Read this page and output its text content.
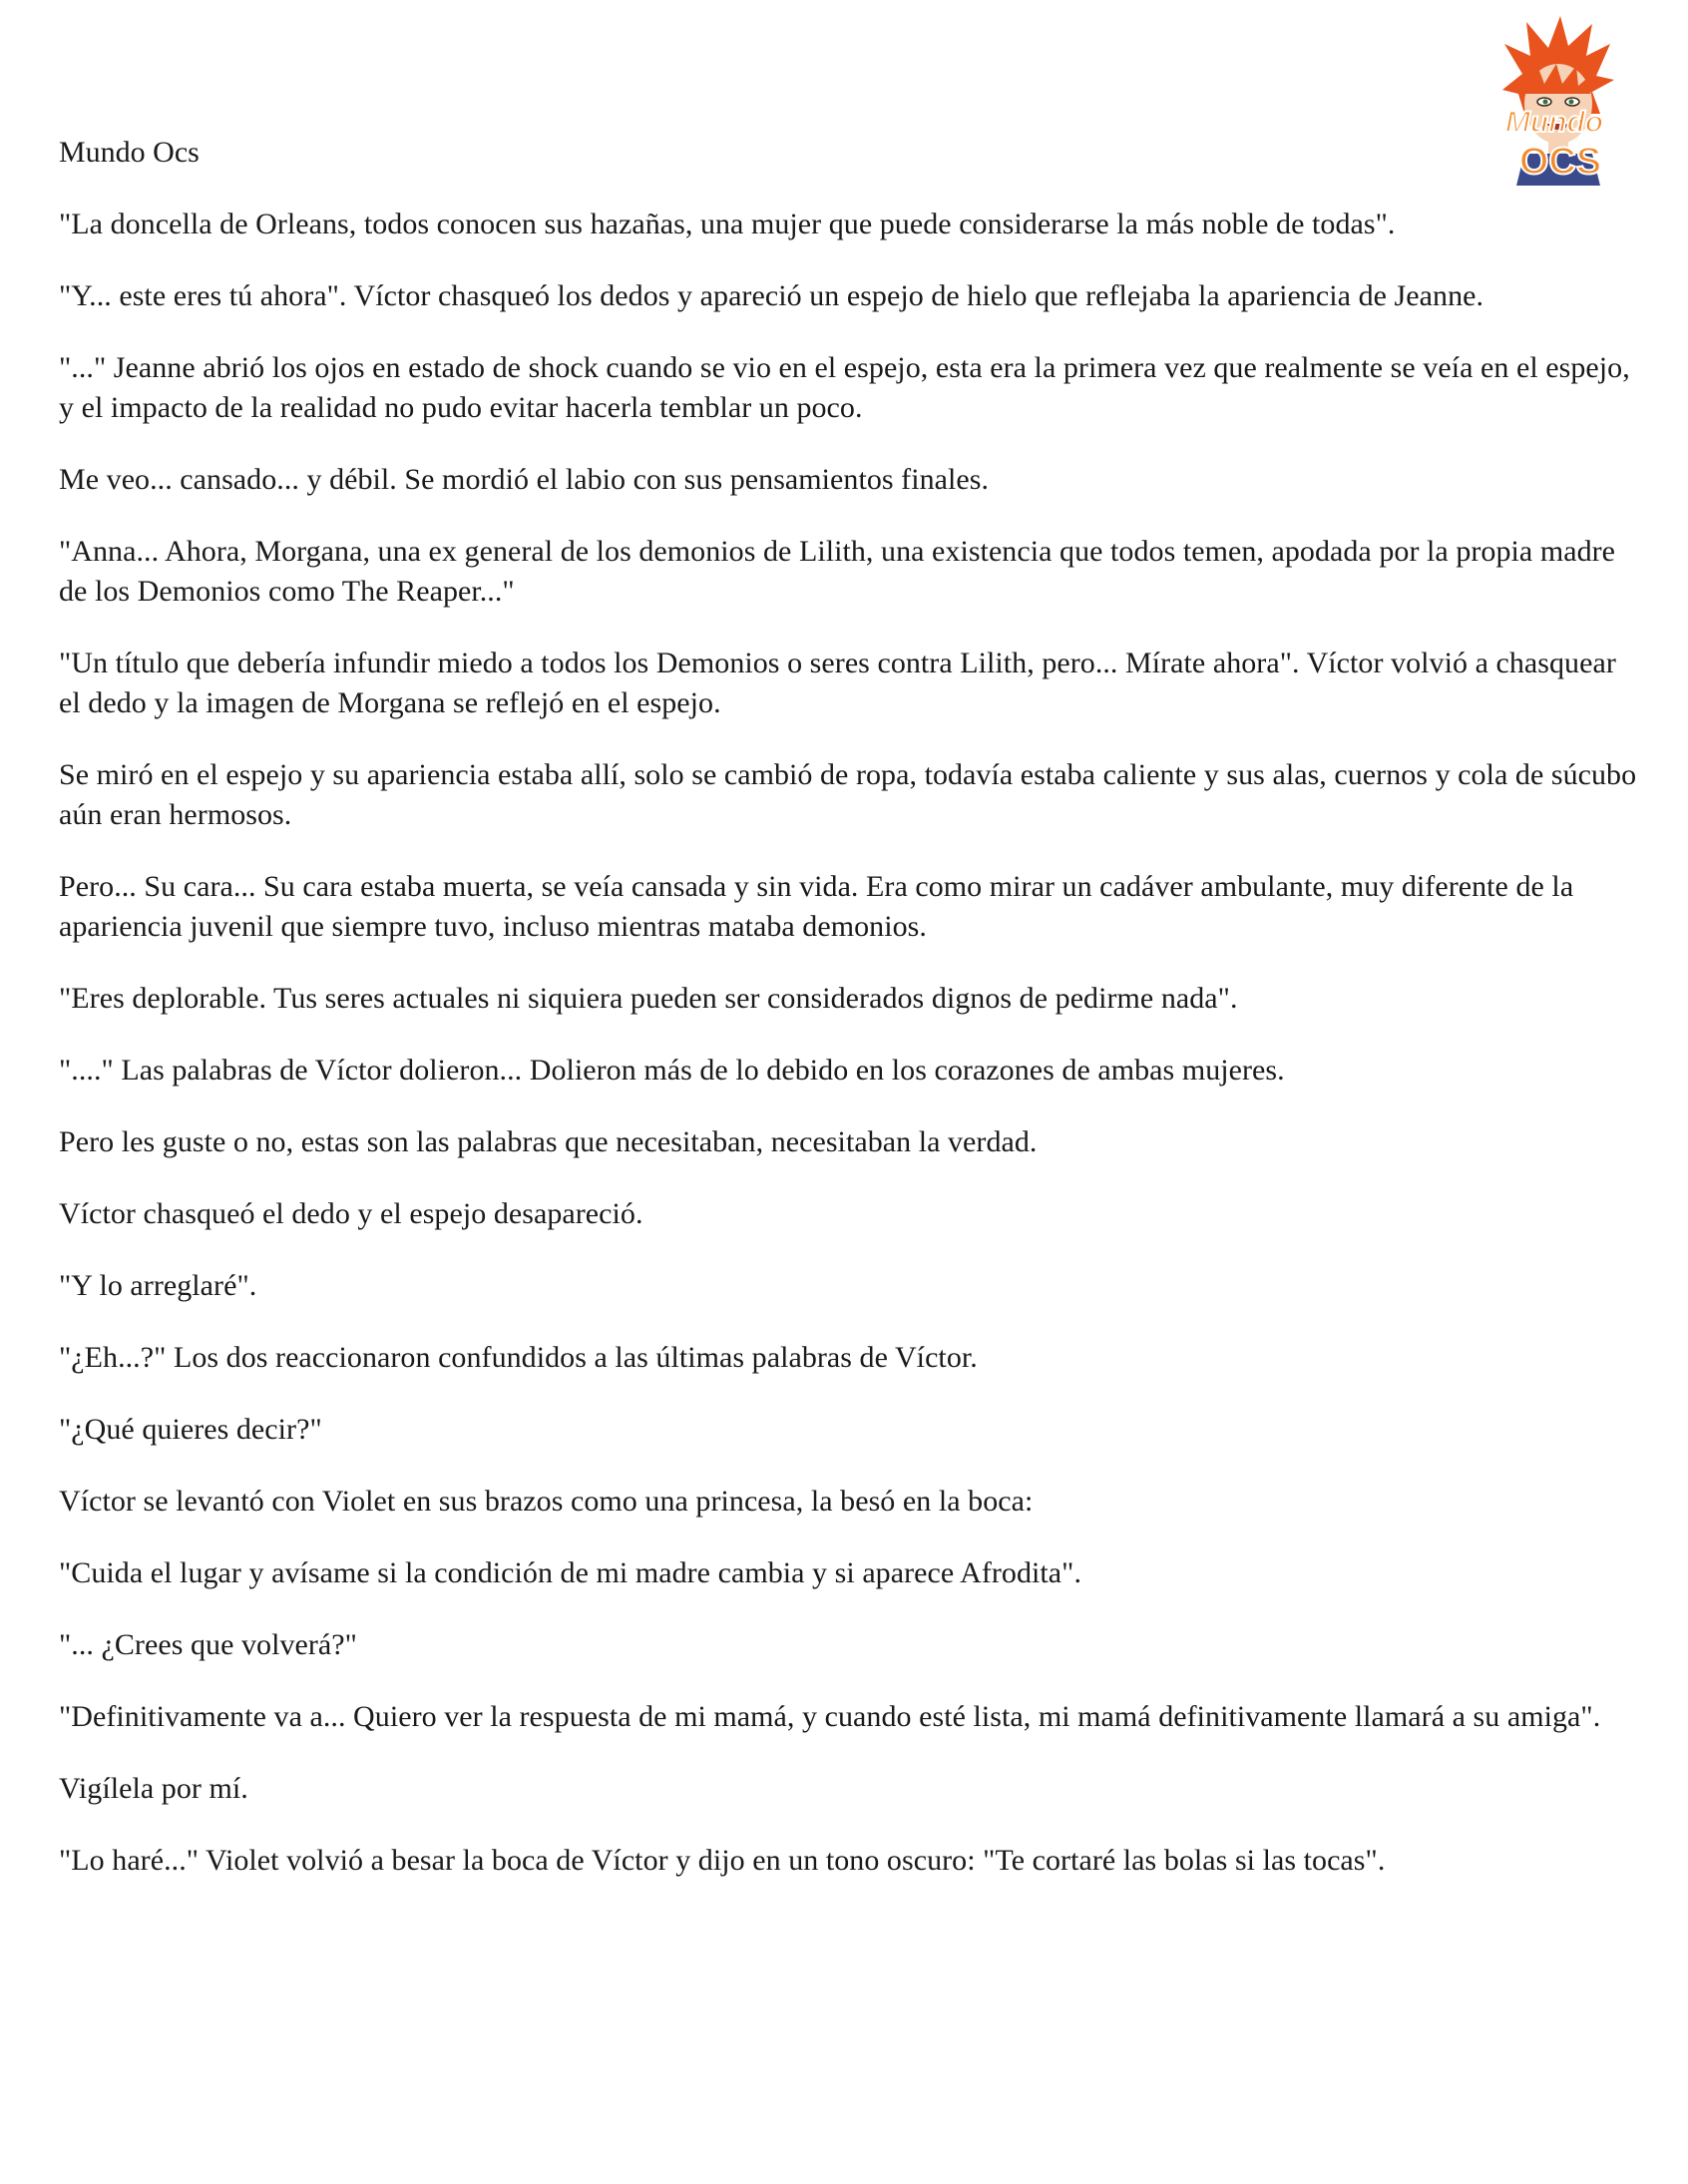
Mundo
OCS
Mundo Ocs

"La doncella de Orleans, todos conocen sus hazañas, una mujer que puede considerarse la más noble de todas".

"Y... este eres tú ahora". Víctor chasqueó los dedos y apareció un espejo de hielo que reflejaba la apariencia de Jeanne.

"..." Jeanne abrió los ojos en estado de shock cuando se vio en el espejo, esta era la primera vez que realmente se veía en el espejo, y el impacto de la realidad no pudo evitar hacerla temblar un poco.

Me veo... cansado... y débil. Se mordió el labio con sus pensamientos finales.

"Anna... Ahora, Morgana, una ex general de los demonios de Lilith, una existencia que todos temen, apodada por la propia madre de los Demonios como The Reaper..."

"Un título que debería infundir miedo a todos los Demonios o seres contra Lilith, pero... Mírate ahora". Víctor volvió a chasquear el dedo y la imagen de Morgana se reflejó en el espejo.

Se miró en el espejo y su apariencia estaba allí, solo se cambió de ropa, todavía estaba caliente y sus alas, cuernos y cola de súcubo aún eran hermosos.

Pero... Su cara... Su cara estaba muerta, se veía cansada y sin vida. Era como mirar un cadáver ambulante, muy diferente de la apariencia juvenil que siempre tuvo, incluso mientras mataba demonios.

"Eres deplorable. Tus seres actuales ni siquiera pueden ser considerados dignos de pedirme nada".

"...." Las palabras de Víctor dolieron... Dolieron más de lo debido en los corazones de ambas mujeres.

Pero les guste o no, estas son las palabras que necesitaban, necesitaban la verdad.

Víctor chasqueó el dedo y el espejo desapareció.

"Y lo arreglaré".

"¿Eh...?" Los dos reaccionaron confundidos a las últimas palabras de Víctor.

"¿Qué quieres decir?"

Víctor se levantó con Violet en sus brazos como una princesa, la besó en la boca:

"Cuida el lugar y avísame si la condición de mi madre cambia y si aparece Afrodita".

"... ¿Crees que volverá?"

"Definitivamente va a... Quiero ver la respuesta de mi mamá, y cuando esté lista, mi mamá definitivamente llamará a su amiga".

Vigílela por mí.

"Lo haré..." Violet volvió a besar la boca de Víctor y dijo en un tono oscuro: "Te cortaré las bolas si las tocas".
